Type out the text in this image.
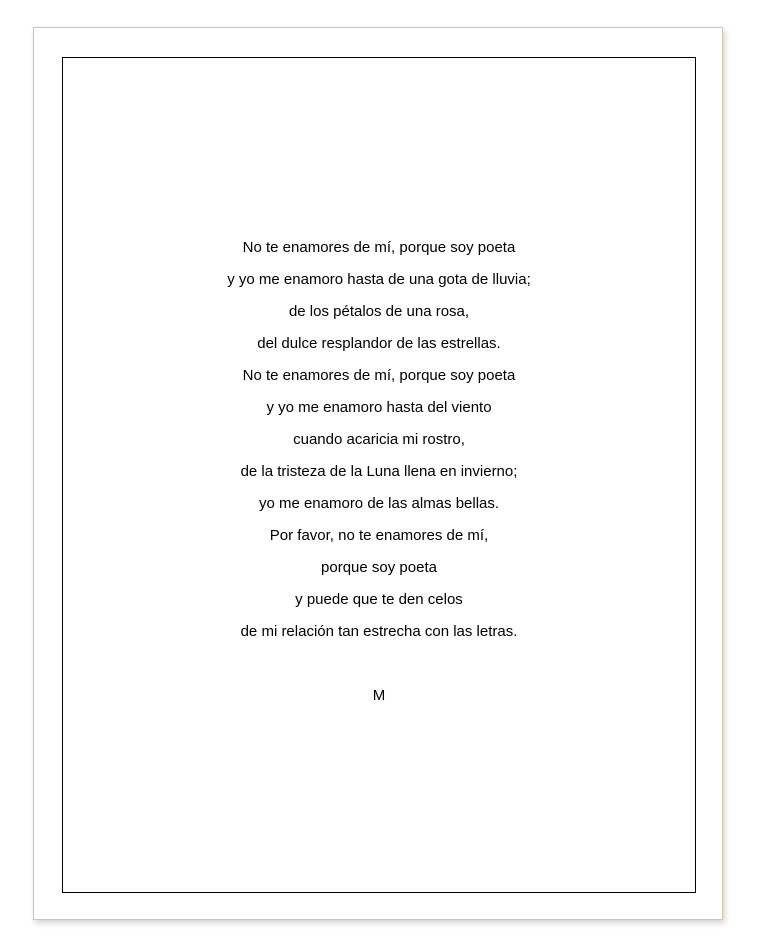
No te enamores de mí, porque soy poeta
y yo me enamoro hasta de una gota de lluvia;
de los pétalos de una rosa,
del dulce resplandor de las estrellas.
No te enamores de mí, porque soy poeta
y yo me enamoro hasta del viento
cuando acaricia mi rostro,
de la tristeza de la Luna llena en invierno;
yo me enamoro de las almas bellas.
Por favor, no te enamores de mí,
porque soy poeta
y puede que te den celos
de mi relación tan estrecha con las letras.
M
